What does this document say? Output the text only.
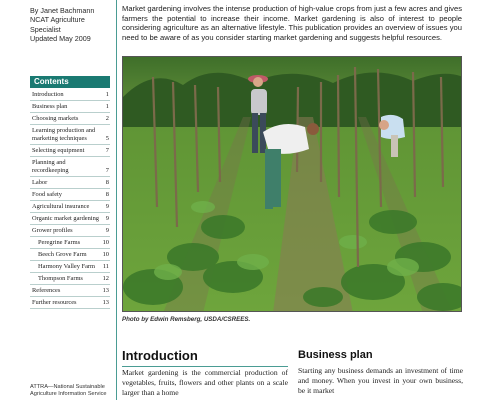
By Janet Bachmann
NCAT Agriculture
Specialist
Updated May 2009
Contents
Introduction	1
Business plan	1
Choosing markets	2
Learning production and marketing techniques	5
Selecting equipment	7
Planning and recordkeeping	7
Labor	8
Food safety	8
Agricultural insurance	9
Organic market gardening 9
Grower profiles	9
Peregrine Farms	10
Beech Grove Farm 10
Harmony Valley Farm 11
Thompson Farms	12
References	13
Further resources	13
ATTRA—National Sustainable Agriculture Information Service
Market gardening involves the intense production of high-value crops from just a few acres and gives farmers the potential to increase their income. Market gardening is also of interest to people considering agriculture as an alternative lifestyle. This publication provides an overview of issues you need to be aware of as you consider starting market gardening and suggests helpful resources.
Photo by Edwin Remsberg, USDA/CSREES.
Introduction
Market gardening is the commercial production of vegetables, fruits, flowers and other plants on a scale larger than a home
Business plan
Starting any business demands an investment of time and money. When you invest in your own business, be it market
